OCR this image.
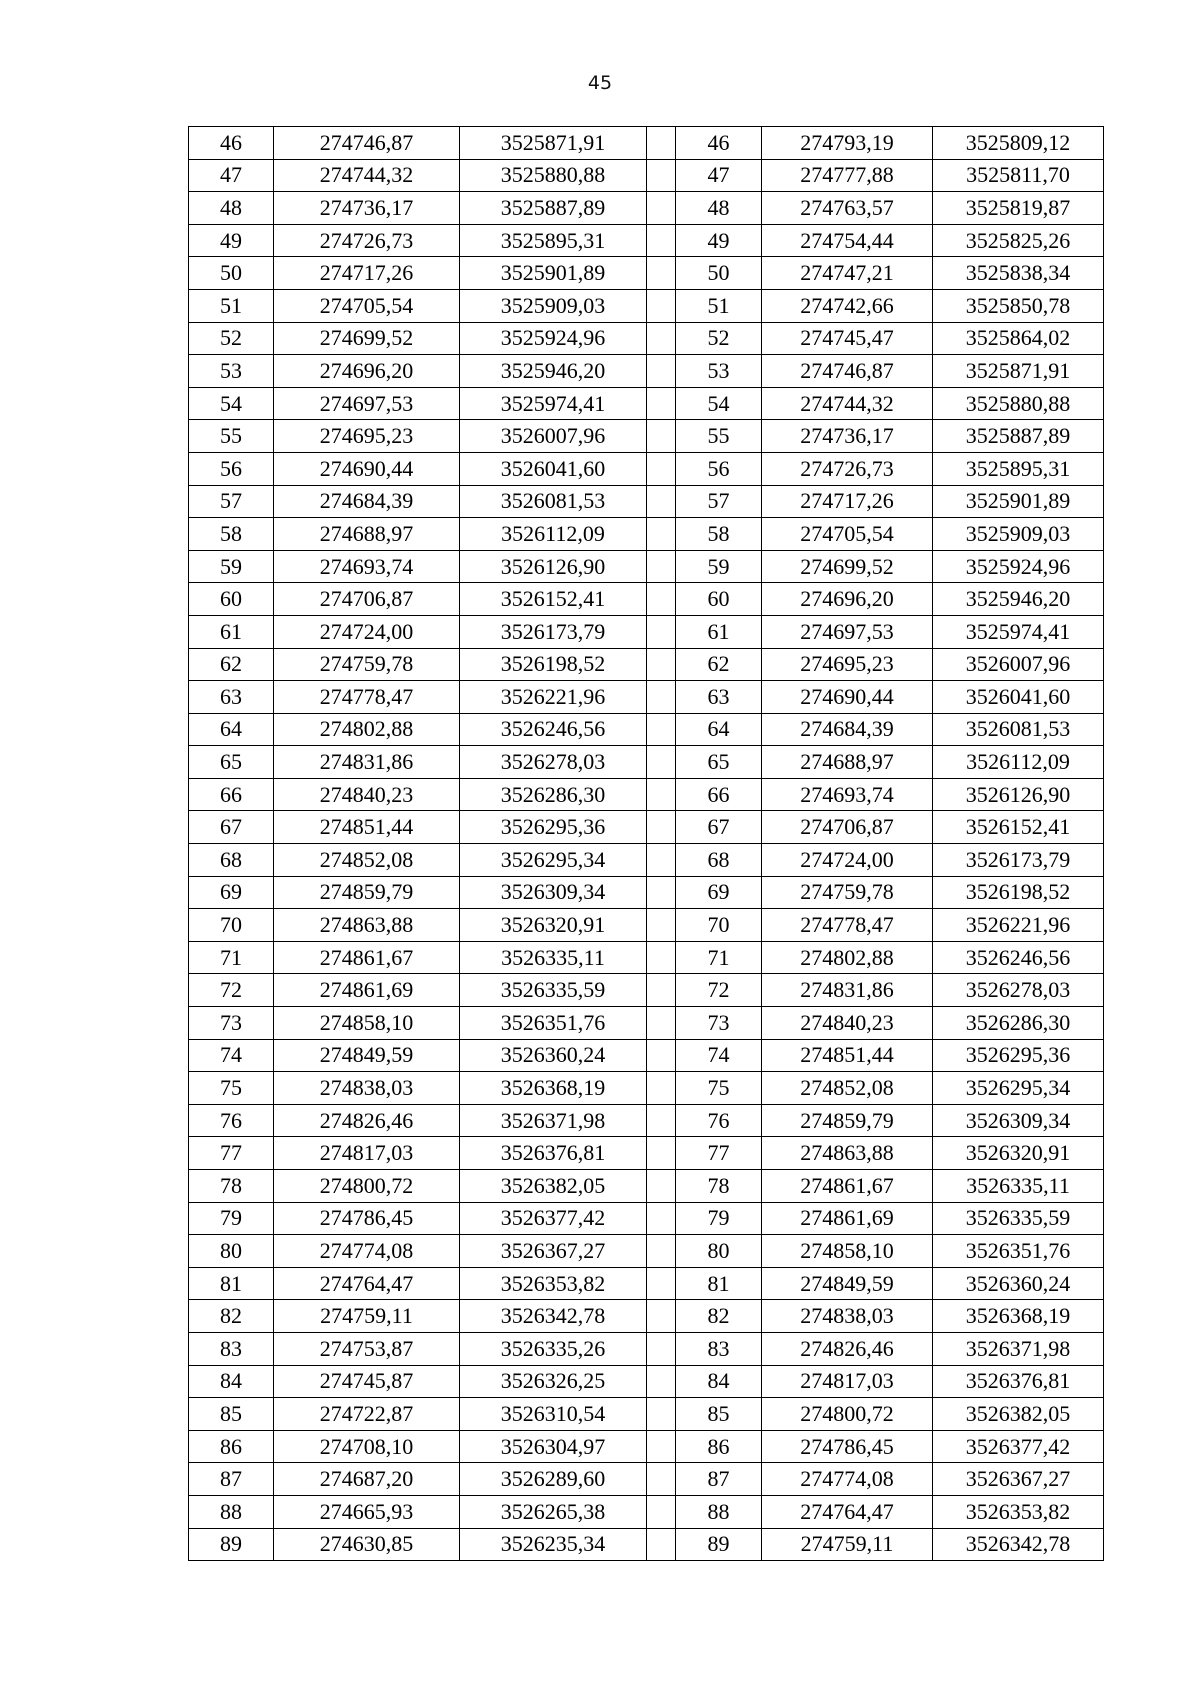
45
46	274746,87	3525871,91		46	274793,19	3525809,12
47	274744,32	3525880,88		47	274777,88	3525811,70
48	274736,17	3525887,89		48	274763,57	3525819,87
49	274726,73	3525895,31		49	274754,44	3525825,26
50	274717,26	3525901,89		50	274747,21	3525838,34
51	274705,54	3525909,03		51	274742,66	3525850,78
52	274699,52	3525924,96		52	274745,47	3525864,02
53	274696,20	3525946,20		53	274746,87	3525871,91
54	274697,53	3525974,41		54	274744,32	3525880,88
55	274695,23	3526007,96		55	274736,17	3525887,89
56	274690,44	3526041,60		56	274726,73	3525895,31
57	274684,39	3526081,53		57	274717,26	3525901,89
58	274688,97	3526112,09		58	274705,54	3525909,03
59	274693,74	3526126,90		59	274699,52	3525924,96
60	274706,87	3526152,41		60	274696,20	3525946,20
61	274724,00	3526173,79		61	274697,53	3525974,41
62	274759,78	3526198,52		62	274695,23	3526007,96
63	274778,47	3526221,96		63	274690,44	3526041,60
64	274802,88	3526246,56		64	274684,39	3526081,53
65	274831,86	3526278,03		65	274688,97	3526112,09
66	274840,23	3526286,30		66	274693,74	3526126,90
67	274851,44	3526295,36		67	274706,87	3526152,41
68	274852,08	3526295,34		68	274724,00	3526173,79
69	274859,79	3526309,34		69	274759,78	3526198,52
70	274863,88	3526320,91		70	274778,47	3526221,96
71	274861,67	3526335,11		71	274802,88	3526246,56
72	274861,69	3526335,59		72	274831,86	3526278,03
73	274858,10	3526351,76		73	274840,23	3526286,30
74	274849,59	3526360,24		74	274851,44	3526295,36
75	274838,03	3526368,19		75	274852,08	3526295,34
76	274826,46	3526371,98		76	274859,79	3526309,34
77	274817,03	3526376,81		77	274863,88	3526320,91
78	274800,72	3526382,05		78	274861,67	3526335,11
79	274786,45	3526377,42		79	274861,69	3526335,59
80	274774,08	3526367,27		80	274858,10	3526351,76
81	274764,47	3526353,82		81	274849,59	3526360,24
82	274759,11	3526342,78		82	274838,03	3526368,19
83	274753,87	3526335,26		83	274826,46	3526371,98
84	274745,87	3526326,25		84	274817,03	3526376,81
85	274722,87	3526310,54		85	274800,72	3526382,05
86	274708,10	3526304,97		86	274786,45	3526377,42
87	274687,20	3526289,60		87	274774,08	3526367,27
88	274665,93	3526265,38		88	274764,47	3526353,82
89	274630,85	3526235,34		89	274759,11	3526342,78
